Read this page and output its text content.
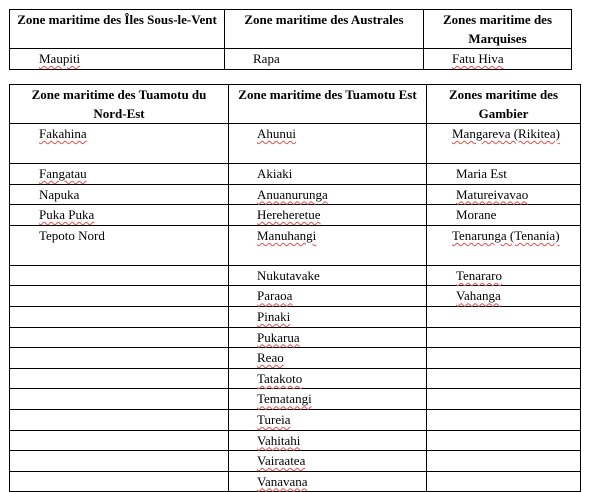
Zone maritime des Îles Sous-le-Vent	Zone maritime des Australes	Zones maritime des Marquises
Maupiti	Rapa	Fatu Hiva
Zone maritime des Tuamotu du Nord-Est	Zone maritime des Tuamotu Est	Zones maritime des Gambier
Fakahina	Ahunui	Mangareva (Rikitea)

Fangatau	Akiaki	Maria Est
Napuka	Anuanurunga	Matureivavao
Puka Puka	Hereheretue	Morane
Tepoto Nord	Manuhangi	Tenarunga (Tenania)

	Nukutavake	Tenararo
	Paraoa	Vahanga
	Pinaki	
	Pukarua	
	Reao	
	Tatakoto	
	Tematangi	
	Tureia	
	Vahitahi	
	Vairaatea	
	Vanavana	
